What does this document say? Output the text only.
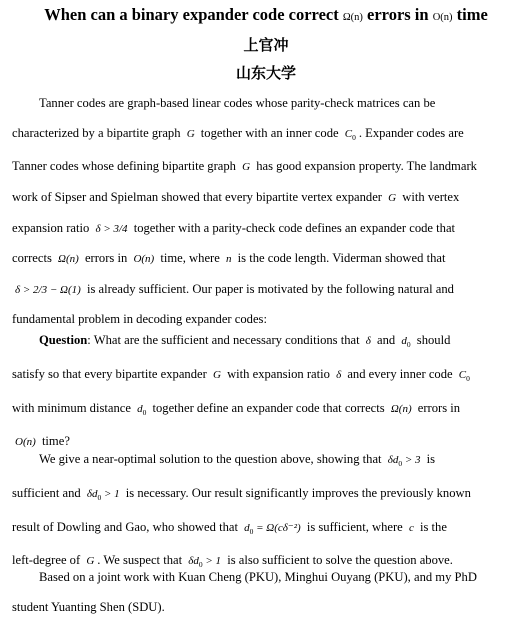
When can a binary expander code correct Ω(n) errors in O(n) time
上官冲
山东大学
Tanner codes are graph-based linear codes whose parity-check matrices can be
characterized by a bipartite graph G together with an inner code $C_0$ . Expander codes are
Tanner codes whose defining bipartite graph G has good expansion property. The landmark
work of Sipser and Spielman showed that every bipartite vertex expander G with vertex
expansion ratio δ > 3/4 together with a parity-check code defines an expander code that
corrects Ω(n) errors in O(n) time, where n is the code length. Viderman showed that
δ > 2/3 − Ω(1) is already sufficient. Our paper is motivated by the following natural and
fundamental problem in decoding expander codes:
Question: What are the sufficient and necessary conditions that δ and $d_0$ should
satisfy so that every bipartite expander G with expansion ratio δ and every inner code $C_0$
with minimum distance $d_0$ together define an expander code that corrects Ω(n) errors in
O(n) time?
We give a near-optimal solution to the question above, showing that $\delta d_0 > 3$ is
sufficient and $\delta d_0 > 1$ is necessary. Our result significantly improves the previously known
result of Dowling and Gao, who showed that $d_0 = \Omega(c\delta^{-2})$ is sufficient, where c is the
left-degree of G . We suspect that $\delta d_0 > 1$ is also sufficient to solve the question above.
Based on a joint work with Kuan Cheng (PKU), Minghui Ouyang (PKU), and my PhD
student Yuanting Shen (SDU).
